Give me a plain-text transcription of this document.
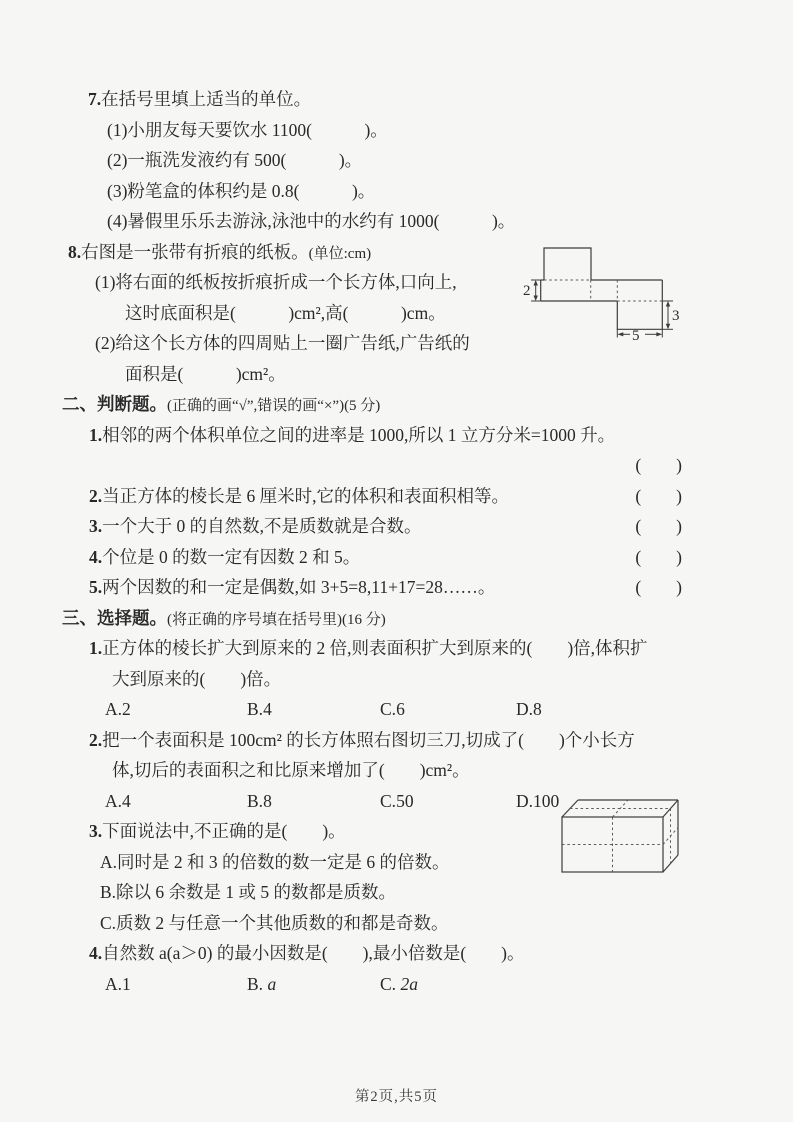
7.在括号里填上适当的单位。
(1)小朋友每天要饮水 1100(　　　)。
(2)一瓶洗发液约有 500(　　　)。
(3)粉笔盒的体积约是 0.8(　　　)。
(4)暑假里乐乐去游泳,泳池中的水约有 1000(　　　)。
8.右图是一张带有折痕的纸板。(单位:cm)
(1)将右面的纸板按折痕折成一个长方体,口向上,
这时底面积是(　　　)cm²,高(　　　)cm。
(2)给这个长方体的四周贴上一圈广告纸,广告纸的
面积是(　　　)cm²。
二、判断题。(正确的画“√”,错误的画“×”)(5 分)
1.相邻的两个体积单位之间的进率是 1000,所以 1 立方分米=1000 升。
(　　)
2. 当正方体的棱长是 6 厘米时,它的体积和表面积相等。	(　　)
3. 一个大于 0 的自然数,不是质数就是合数。	(　　)
4. 个位是 0 的数一定有因数 2 和 5。	(　　)
5. 两个因数的和一定是偶数,如 3+5=8,11+17=28……。	(　　)
三、选择题。(将正确的序号填在括号里)(16 分)
1.正方体的棱长扩大到原来的 2 倍,则表面积扩大到原来的(　　)倍,体积扩
大到原来的(　　)倍。
A.2	B.4	C.6	D.8
2.把一个表面积是 100cm² 的长方体照右图切三刀,切成了(　　)个小长方
体,切后的表面积之和比原来增加了(　　)cm²。
A.4	B.8	C.50	D.100
3.下面说法中,不正确的是(　　)。
A.同时是 2 和 3 的倍数的数一定是 6 的倍数。
B.除以 6 余数是 1 或 5 的数都是质数。
C.质数 2 与任意一个其他质数的和都是奇数。
4.自然数 a(a＞0) 的最小因数是(　　),最小倍数是(　　)。
A.1	B. a	C. 2a
2
3
5
第2页,共5页
